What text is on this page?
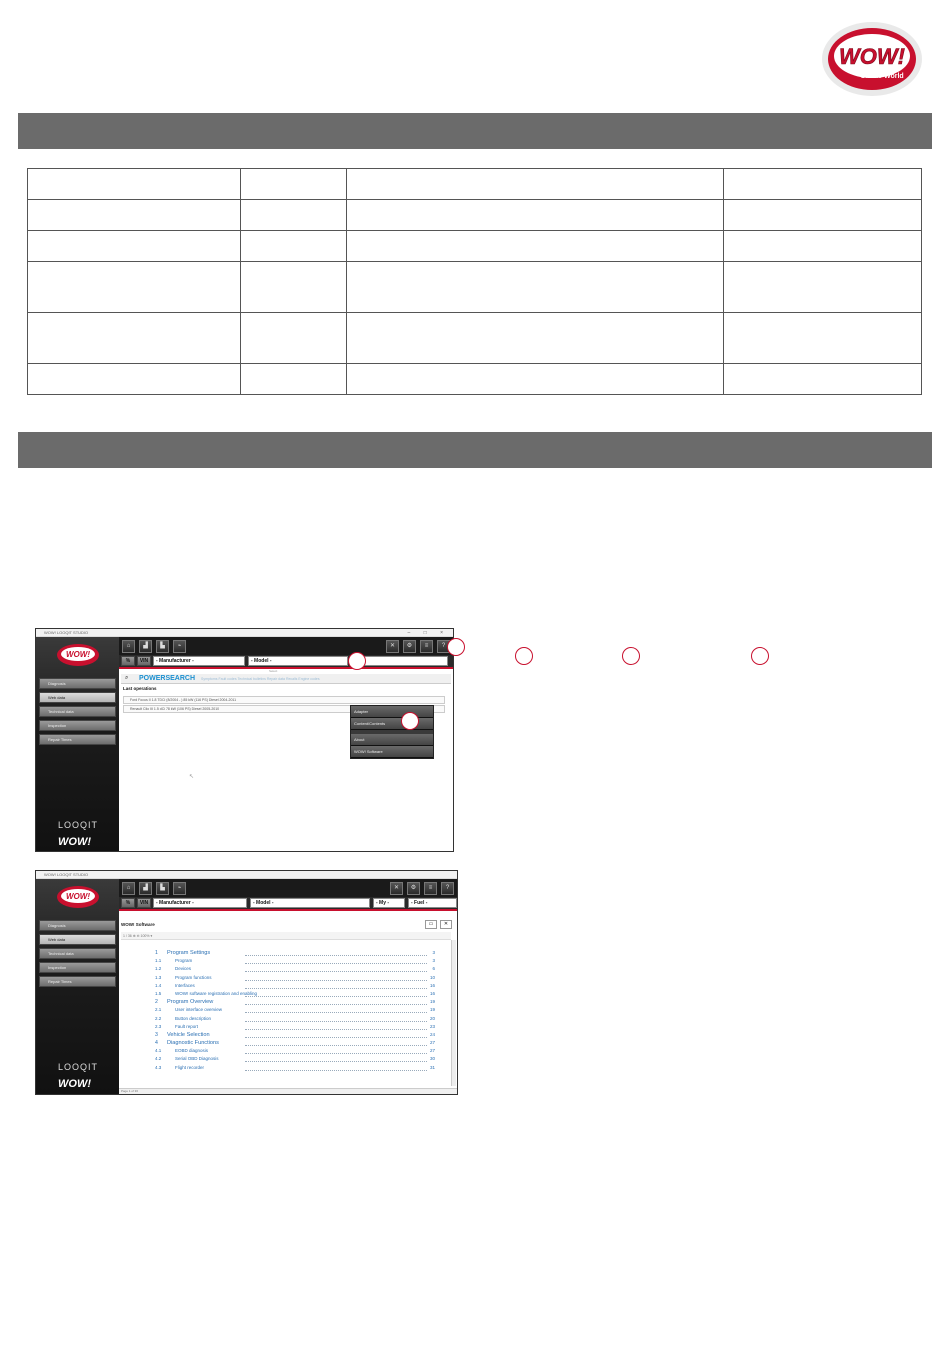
WOW!
Online World

WOW! LOOQIT STUDIO	– □ ×
WOW!
Diagnosis
Web data
Technical data
Inspection
Repair Times
LOOQIT
WOW!
⌂	▟	▙	⌁	✕	⚙	≡	?
%	VIN	- Manufacturer -	- Model -
Select
⌕ POWERSEARCH Symptoms Fault codes Technical bulletins Repair data Recalls Engine codes
Last operations
Ford Focus II 1.8 TDCi (8/2004 - ) 85 kW (116 PS) Diesel 2004-2011
Renault Clio III 1.5 dCi 78 kW (106 PS) Diesel 2005-2010
↖
Adapter
Content/Contents
About
WOW! Software
WOW! LOOQIT STUDIO
WOW!
Diagnosis
Web data
Technical data
Inspection
Repair Times
LOOQIT
WOW!
⌂	▟	▙	⌁	✕	⚙	≡	?
%	VIN	- Manufacturer -	- Model -	- My -	- Fuel -
WOW! Software	▭	✕
1 / 36 ⊕ ⊖ 100% ▾
1 Program Settings	3
1.1	Program	3
1.2	Devices	6
1.3	Program functions	10
1.4	Interfaces	16
1.5	WOW! software registration and enabling	16
2 Program Overview	19
2.1	User interface overview	19
2.2	Button description	20
2.3	Fault report	23
3 Vehicle Selection	24
4 Diagnostic Functions	27
4.1	EOBD diagnosis	27
4.2	Serial OBD Diagnosis	30
4.3	Flight recorder	31
Page 1 of 36
